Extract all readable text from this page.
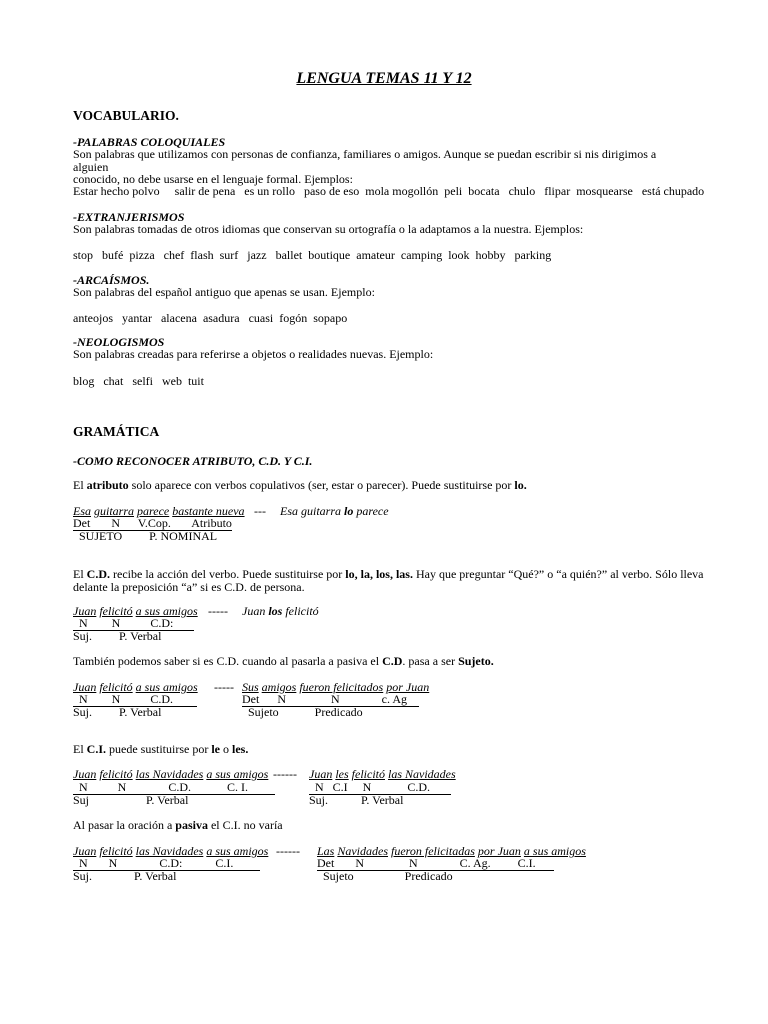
LENGUA TEMAS 11 Y 12
VOCABULARIO.
-PALABRAS COLOQUIALES
Son palabras que utilizamos con personas de confianza, familiares o amigos. Aunque se puedan escribir si nis dirigimos a alguien
conocido, no debe usarse en el lenguaje formal. Ejemplos:
Estar hecho polvo     salir de pena   es un rollo   paso de eso  mola mogollón  peli  bocata   chulo   flipar  mosquearse   está chupado
-EXTRANJERISMOS
Son palabras tomadas de otros idiomas que conservan su ortografía o la adaptamos a la nuestra. Ejemplos:
stop   bufé  pizza   chef  flash  surf   jazz   ballet  boutique  amateur  camping  look  hobby   parking
-ARCAÍSMOS.
Son palabras del español antiguo que apenas se usan. Ejemplo:
anteojos   yantar   alacena  asadura   cuasi  fogón  sopapo
-NEOLOGISMOS
Son palabras creadas para referirse a objetos o realidades nuevas. Ejemplo:
blog   chat   selfi   web  tuit
GRAMÁTICA
-COMO RECONOCER ATRIBUTO, C.D. Y C.I.
El atributo solo aparece con verbos copulativos (ser, estar o parecer). Puede sustituirse por lo.
Esa guitarra parece bastante nueva --- Esa guitarra lo parece
Det       N      V.Cop.       Atributo
SUJETO         P. NOMINAL
El C.D. recibe la acción del verbo. Puede sustituirse por lo, la, los, las. Hay que preguntar “Qué?” o “a quién?” al verbo. Sólo lleva
delante la preposición “a” si es C.D. de persona.
Juan felicitó a sus amigos ----- Juan los felicitó
N        N          C.D:
Suj.         P. Verbal
También podemos saber si es C.D. cuando al pasarla a pasiva el C.D. pasa a ser Sujeto.
Juan felicitó a sus amigos ----- Sus amigos fueron felicitados por Juan
N        N          C.D.	Det      N               N              c. Ag
Suj.         P. Verbal	Sujeto            Predicado
El C.I. puede sustituirse por le o les.
Juan felicitó las Navidades a sus amigos ------ Juan les felicitó las Navidades
N          N              C.D.            C. I.	N   C.I     N            C.D.
Suj                   P. Verbal	Suj.           P. Verbal
Al pasar la oración a pasiva el C.I. no varía
Juan felicitó las Navidades a sus amigos ------ Las Navidades fueron felicitadas por Juan a sus amigos
N       N              C.D:           C.I.	Det       N               N              C. Ag.         C.I.
Suj.              P. Verbal	Sujeto                 Predicado
